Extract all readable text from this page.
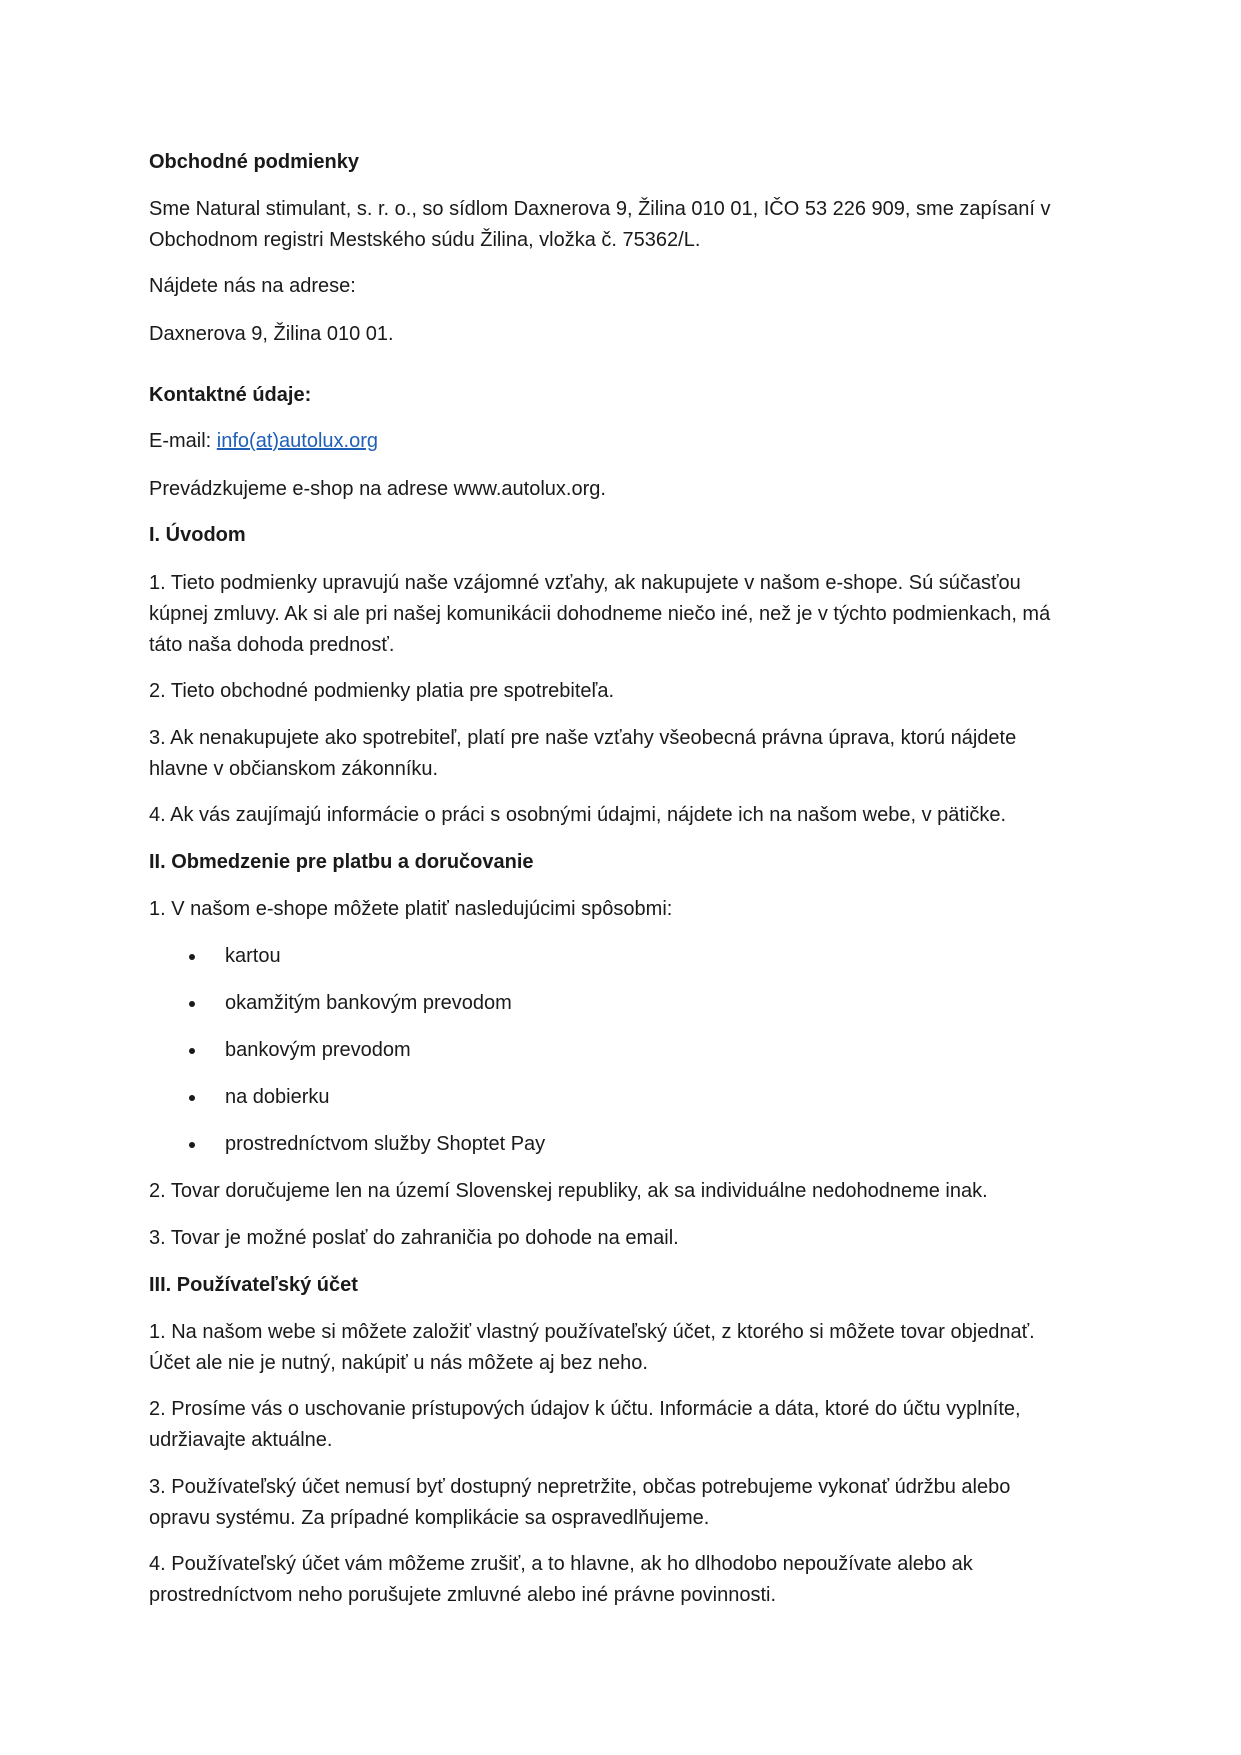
Obchodné podmienky
Sme Natural stimulant, s. r. o., so sídlom Daxnerova 9, Žilina 010 01, IČO 53 226 909, sme zapísaní v
Obchodnom registri Mestského súdu Žilina, vložka č. 75362/L.
Nájdete nás na adrese:
Daxnerova 9, Žilina 010 01.
Kontaktné údaje:
E-mail: info(at)autolux.org
Prevádzkujeme e-shop na adrese www.autolux.org.
I. Úvodom
1. Tieto podmienky upravujú naše vzájomné vzťahy, ak nakupujete v našom e-shope. Sú súčasťou
kúpnej zmluvy. Ak si ale pri našej komunikácii dohodneme niečo iné, než je v týchto podmienkach, má
táto naša dohoda prednosť.
2. Tieto obchodné podmienky platia pre spotrebiteľa.
3. Ak nenakupujete ako spotrebiteľ, platí pre naše vzťahy všeobecná právna úprava, ktorú nájdete
hlavne v občianskom zákonníku.
4. Ak vás zaujímajú informácie o práci s osobnými údajmi, nájdete ich na našom webe, v pätičke.
II. Obmedzenie pre platbu a doručovanie
1. V našom e-shope môžete platiť nasledujúcimi spôsobmi:
kartou
okamžitým bankovým prevodom
bankovým prevodom
na dobierku
prostredníctvom služby Shoptet Pay
2. Tovar doručujeme len na území Slovenskej republiky, ak sa individuálne nedohodneme inak.
3. Tovar je možné poslať do zahraničia po dohode na email.
III. Používateľský účet
1. Na našom webe si môžete založiť vlastný používateľský účet, z ktorého si môžete tovar objednať.
Účet ale nie je nutný, nakúpiť u nás môžete aj bez neho.
2. Prosíme vás o uschovanie prístupových údajov k účtu. Informácie a dáta, ktoré do účtu vyplníte,
udržiavajte aktuálne.
3. Používateľský účet nemusí byť dostupný nepretržite, občas potrebujeme vykonať údržbu alebo
opravu systému. Za prípadné komplikácie sa ospravedlňujeme.
4. Používateľský účet vám môžeme zrušiť, a to hlavne, ak ho dlhodobo nepoužívate alebo ak
prostredníctvom neho porušujete zmluvné alebo iné právne povinnosti.
